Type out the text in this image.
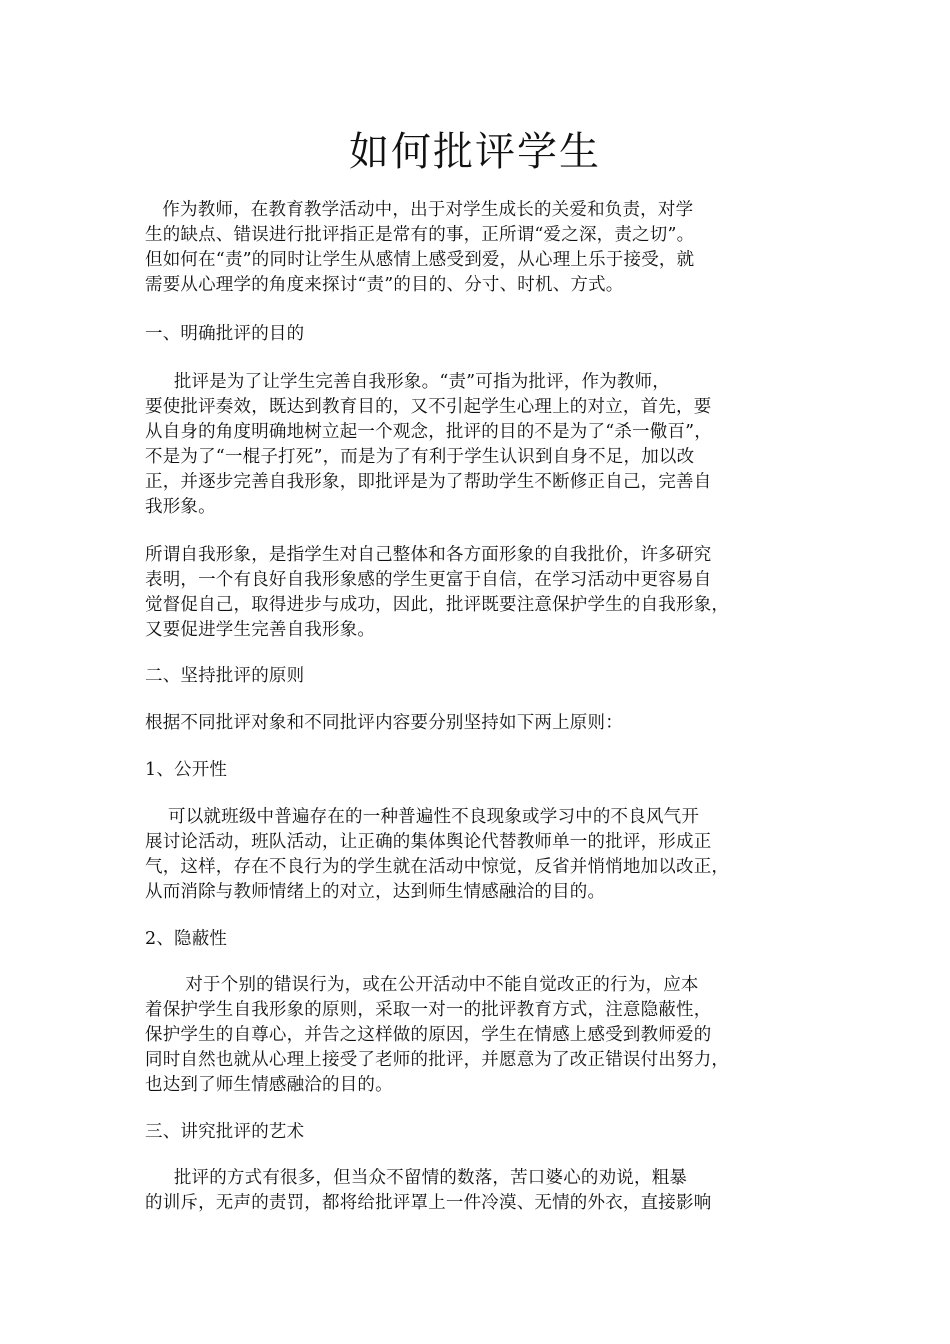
如何批评学生
作为教师，在教育教学活动中，出于对学生成长的关爱和负责，对学
生的缺点、错误进行批评指正是常有的事，正所谓“爱之深，责之切”。
但如何在“责”的同时让学生从感情上感受到爱，从心理上乐于接受，就
需要从心理学的角度来探讨“责”的目的、分寸、时机、方式。
一、明确批评的目的
批评是为了让学生完善自我形象。“责”可指为批评，作为教师，
要使批评奏效，既达到教育目的，又不引起学生心理上的对立，首先，要
从自身的角度明确地树立起一个观念，批评的目的不是为了“杀一儆百”，
不是为了“一棍子打死”，而是为了有利于学生认识到自身不足，加以改
正，并逐步完善自我形象，即批评是为了帮助学生不断修正自己，完善自
我形象。
所谓自我形象，是指学生对自己整体和各方面形象的自我批价，许多研究
表明，一个有良好自我形象感的学生更富于自信，在学习活动中更容易自
觉督促自己，取得进步与成功，因此，批评既要注意保护学生的自我形象，
又要促进学生完善自我形象。
二、坚持批评的原则
根据不同批评对象和不同批评内容要分别坚持如下两上原则：
1、公开性
可以就班级中普遍存在的一种普遍性不良现象或学习中的不良风气开
展讨论活动，班队活动，让正确的集体舆论代替教师单一的批评，形成正
气，这样，存在不良行为的学生就在活动中惊觉，反省并悄悄地加以改正，
从而消除与教师情绪上的对立，达到师生情感融洽的目的。
2、隐蔽性
对于个别的错误行为，或在公开活动中不能自觉改正的行为，应本
着保护学生自我形象的原则，采取一对一的批评教育方式，注意隐蔽性，
保护学生的自尊心，并告之这样做的原因，学生在情感上感受到教师爱的
同时自然也就从心理上接受了老师的批评，并愿意为了改正错误付出努力，
也达到了师生情感融洽的目的。
三、讲究批评的艺术
批评的方式有很多，但当众不留情的数落，苦口婆心的劝说，粗暴
的训斥，无声的责罚，都将给批评罩上一件冷漠、无情的外衣，直接影响
